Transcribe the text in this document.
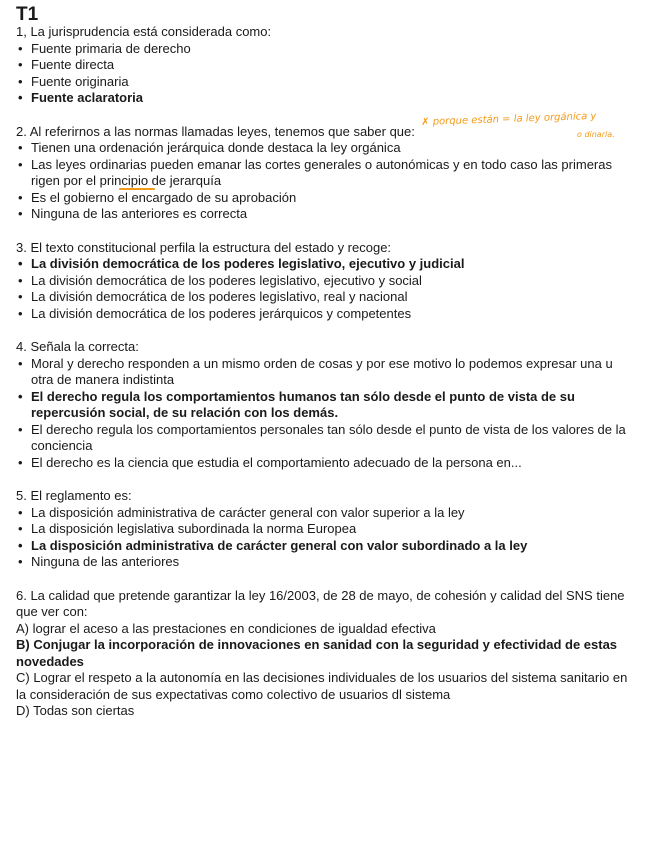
T1

1, La jurisprudencia está considerada como:

• Fuente primaria de derecho
• Fuente directa
• Fuente originaria
• Fuente aclaratoria

2. Al referirnos a las normas llamadas leyes, tenemos que saber que:

• Tienen una ordenación jerárquica donde destaca la ley orgánica
• Las leyes ordinarias pueden emanar las cortes generales o autonómicas y en todo caso las primeras rigen por el principio de jerarquía
• Es el gobierno el encargado de su aprobación
• Ninguna de las anteriores es correcta

3. El texto constitucional perfila la estructura del estado y recoge:

• La división democrática de los poderes legislativo, ejecutivo y judicial
• La división democrática de los poderes legislativo, ejecutivo y social
• La división democrática de los poderes legislativo, real y nacional
• La división democrática de los poderes jerárquicos y competentes

4. Señala la correcta:

• Moral y derecho responden a un mismo orden de cosas y por ese motivo lo podemos expresar una u otra de manera indistinta
• El derecho regula los comportamientos humanos tan sólo desde el punto de vista de su repercusión social, de su relación con los demás.
• El derecho regula los comportamientos personales tan sólo desde el punto de vista de los valores de la conciencia
• El derecho es la ciencia que estudia el comportamiento adecuado de la persona en...

5. El reglamento es:

• La disposición administrativa de carácter general con valor superior a la ley
• La disposición legislativa subordinada la norma Europea
• La disposición administrativa de carácter general con valor subordinado a la ley
• Ninguna de las anteriores

6. La calidad que pretende garantizar la ley 16/2003, de 28 de mayo, de cohesión y calidad del SNS tiene que ver con:

A) lograr el aceso a las prestaciones en condiciones de igualdad efectiva

B) Conjugar la incorporación de innovaciones en sanidad con la seguridad y efectividad de estas novedades

C) Lograr el respeto a la autonomía en las decisiones individuales de los usuarios del sistema sanitario en la consideración de sus expectativas como colectivo de usuarios dl sistema

D) Todas son ciertas

✗ porque están = la ley orgánica y
o dinaria.
